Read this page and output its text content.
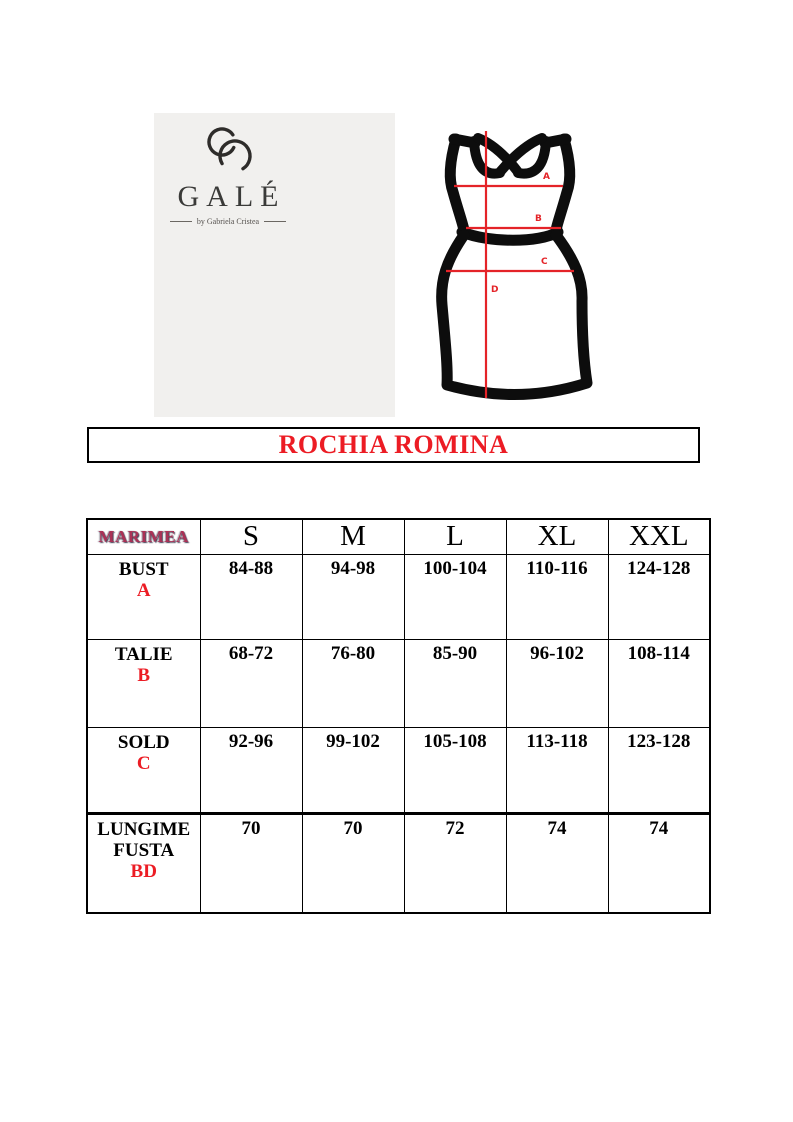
GALÉ
by Gabriela Cristea
A
B
C
D
ROCHIA ROMINA
MARIMEA	S	M	L	XL	XXL

BUST
A	84-88	94-98	100-104	110-116	124-128

TALIE
B	68-72	76-80	85-90	96-102	108-114

SOLD
C	92-96	99-102	105-108	113-118	123-128

LUNGIME FUSTA
BD	70	70	72	74	74
